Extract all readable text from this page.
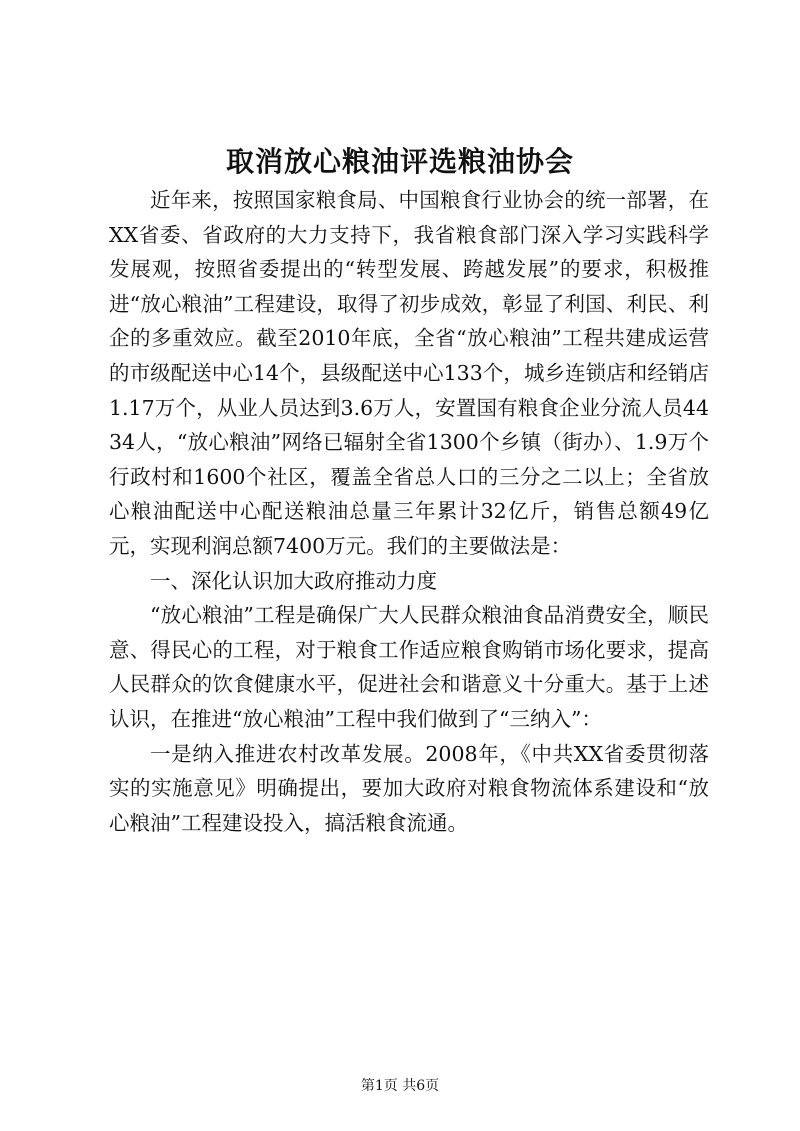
取消放心粮油评选粮油协会

近年来，按照国家粮食局、中国粮食行业协会的统一部署，在XX省委、省政府的大力支持下，我省粮食部门深入学习实践科学发展观，按照省委提出的“转型发展、跨越发展”的要求，积极推进“放心粮油”工程建设，取得了初步成效，彰显了利国、利民、利企的多重效应。截至2010年底，全省“放心粮油”工程共建成运营的市级配送中心14个，县级配送中心133个，城乡连锁店和经销店1.17万个，从业人员达到3.6万人，安置国有粮食企业分流人员4434人，“放心粮油”网络已辐射全省1300个乡镇（街办）、1.9万个行政村和1600个社区，覆盖全省总人口的三分之二以上；全省放心粮油配送中心配送粮油总量三年累计32亿斤，销售总额49亿元，实现利润总额7400万元。我们的主要做法是：

一、深化认识加大政府推动力度

“放心粮油”工程是确保广大人民群众粮油食品消费安全，顺民意、得民心的工程，对于粮食工作适应粮食购销市场化要求，提高人民群众的饮食健康水平，促进社会和谐意义十分重大。基于上述认识，在推进“放心粮油”工程中我们做到了“三纳入”：

一是纳入推进农村改革发展。2008年，《中共XX省委贯彻落实的实施意见》明确提出，要加大政府对粮食物流体系建设和“放心粮油”工程建设投入，搞活粮食流通。

第1页 共6页
